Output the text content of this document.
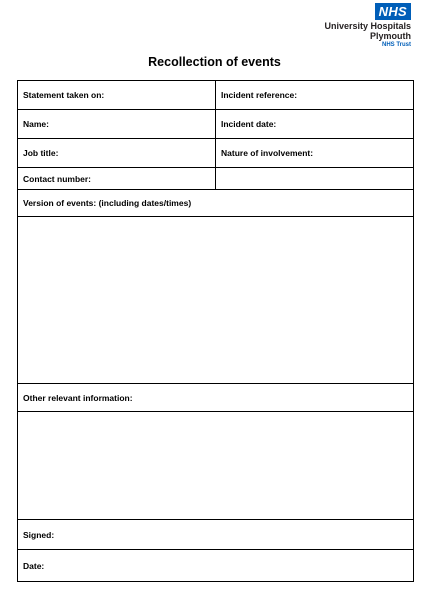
NHS
University Hospitals
Plymouth
NHS Trust
Recollection of events
Statement taken on:	Incident reference:
Name:	Incident date:
Job title:	Nature of involvement:
Contact number:	
Version of events: (including dates/times)	

Other relevant information:	

Signed:	
Date:	
